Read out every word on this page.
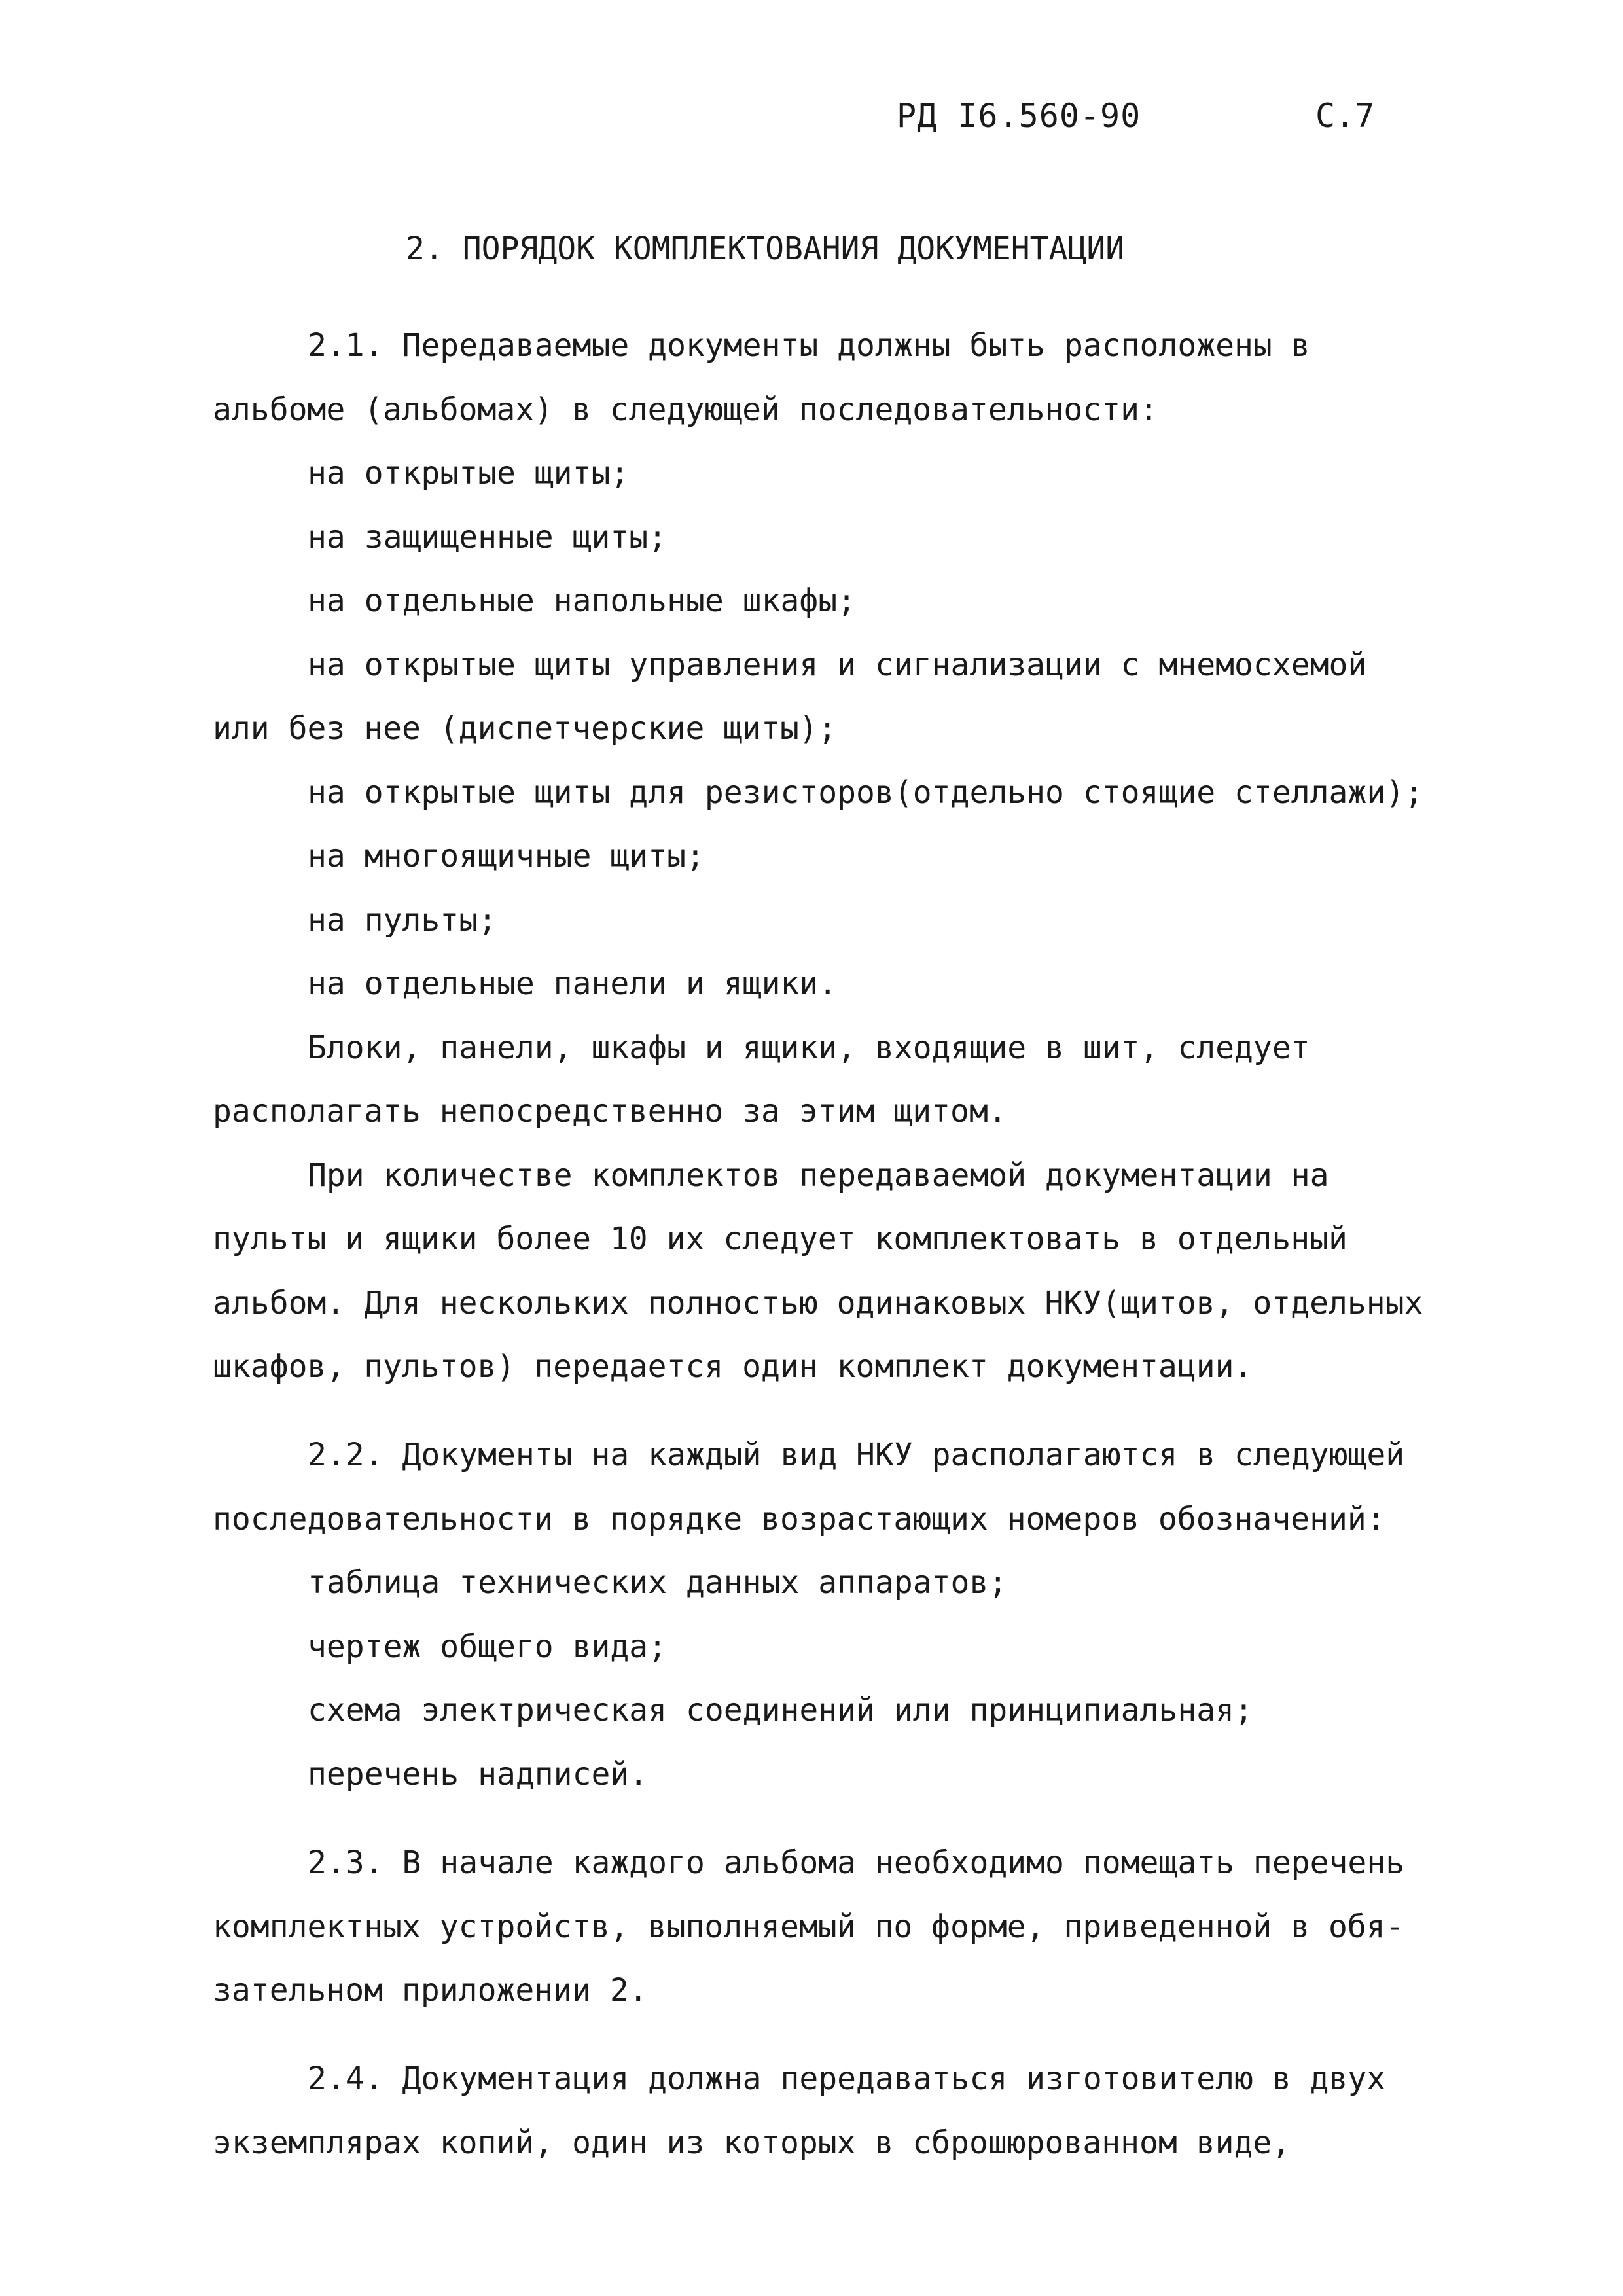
РД I6.560-90	С.7
2. ПОРЯДОК КОМПЛЕКТОВАНИЯ ДОКУМЕНТАЦИИ
2.1. Передаваемые документы должны быть расположены в
альбоме (альбомах) в следующей последовательности:
на открытые щиты;
на защищенные щиты;
на отдельные напольные шкафы;
на открытые щиты управления и сигнализации с мнемосхемой
или без нее (диспетчерские щиты);
на открытые щиты для резисторов(отдельно стоящие стеллажи);
на многоящичные щиты;
на пульты;
на отдельные панели и ящики.
Блоки, панели, шкафы и ящики, входящие в шит, следует
располагать непосредственно за этим щитом.
При количестве комплектов передаваемой документации на
пульты и ящики более 10 их следует комплектовать в отдельный
альбом. Для нескольких полностью одинаковых НКУ(щитов, отдельных
шкафов, пультов) передается один комплект документации.
2.2. Документы на каждый вид НКУ располагаются в следующей
последовательности в порядке возрастающих номеров обозначений:
таблица технических данных аппаратов;
чертеж общего вида;
схема электрическая соединений или принципиальная;
перечень надписей.
2.3. В начале каждого альбома необходимо помещать перечень
комплектных устройств, выполняемый по форме, приведенной в обя-
зательном приложении 2.
2.4. Документация должна передаваться изготовителю в двух
экземплярах копий, один из которых в сброшюрованном виде,
